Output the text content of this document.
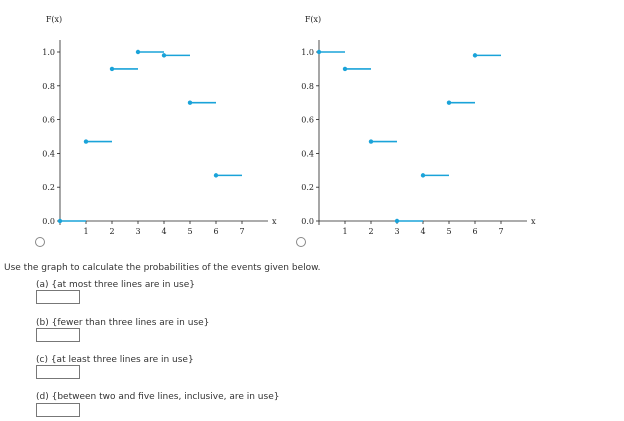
F(x)
x
0.0
0.2
0.4
0.6
0.8
1.0
1	2	3	4	5	6	7
F(x)
x
0.0
0.2
0.4
0.6
0.8
1.0
1	2	3	4	5	6	7
Use the graph to calculate the probabilities of the events given below.
(a) {at most three lines are in use}
(b) {fewer than three lines are in use}
(c) {at least three lines are in use}
(d) {between two and five lines, inclusive, are in use}
